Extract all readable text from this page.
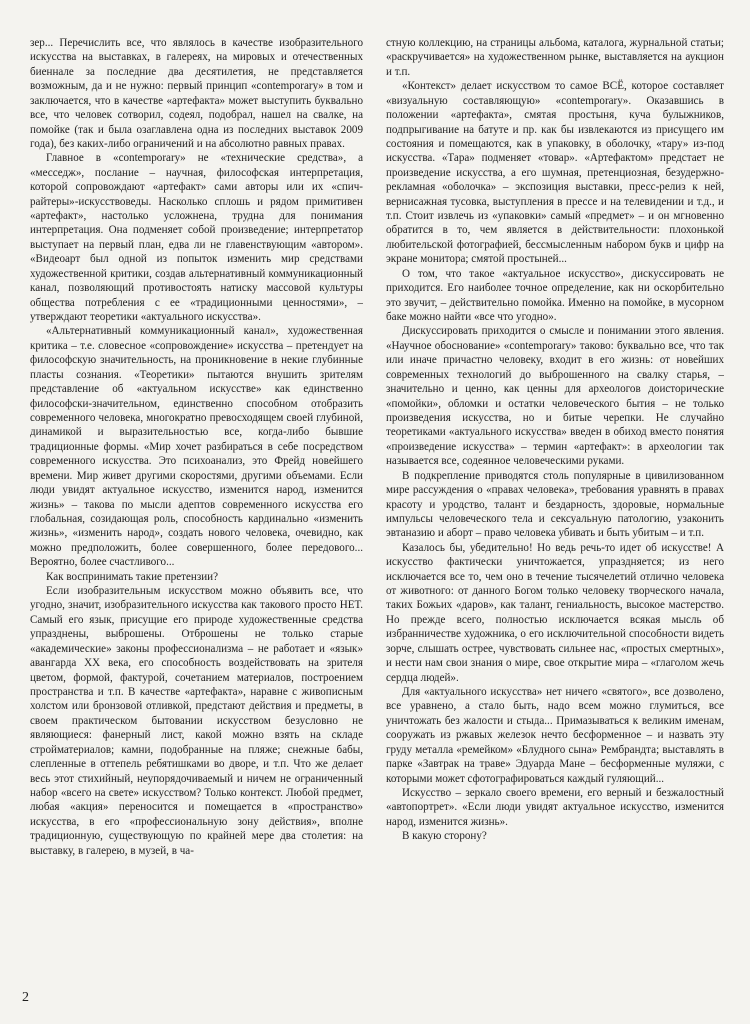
зер... Перечислить все, что являлось в качестве изобразительного искусства на выставках, в галереях, на мировых и отечественных биеннале за последние два десятилетия, не представляется возможным, да и не нужно: первый принцип «contemporary» в том и заключается, что в качестве «артефакта» может выступить буквально все, что человек сотворил, содеял, подобрал, нашел на свалке, на помойке (так и была озаглавлена одна из последних выставок 2009 года), без каких-либо ограничений и на абсолютно равных правах.

Главное в «contemporary» не «технические средства», а «месседж», послание – научная, философская интерпретация, которой сопровождают «артефакт» сами авторы или их «спич-райтеры»-искусствоведы. Насколько сплошь и рядом примитивен «артефакт», настолько усложнена, трудна для понимания интерпретация. Она подменяет собой произведение; интерпретатор выступает на первый план, едва ли не главенствующим «автором». «Видеоарт был одной из попыток изменить мир средствами художественной критики, создав альтернативный коммуникационный канал, позволяющий противостоять натиску массовой культуры общества потребления с ее «традиционными ценностями», – утверждают теоретики «актуального искусства».

«Альтернативный коммуникационный канал», художественная критика – т.е. словесное «сопровождение» искусства – претендует на философскую значительность, на проникновение в некие глубинные пласты сознания. «Теоретики» пытаются внушить зрителям представление об «актуальном искусстве» как единственно философски-значительном, единственно способном отобразить современного человека, многократно превосходящем своей глубиной, динамикой и выразительностью все, когда-либо бывшие традиционные формы. «Мир хочет разбираться в себе посредством современного искусства. Это психоанализ, это Фрейд новейшего времени. Мир живет другими скоростями, другими объемами. Если люди увидят актуальное искусство, изменится народ, изменится жизнь» – такова по мысли адептов современного искусства его глобальная, созидающая роль, способность кардинально «изменить жизнь», «изменить народ», создать нового человека, очевидно, как можно предположить, более совершенного, более передового... Вероятно, более счастливого...

Как воспринимать такие претензии?

Если изобразительным искусством можно объявить все, что угодно, значит, изобразительного искусства как такового просто НЕТ. Самый его язык, присущие его природе художественные средства упразднены, выброшены. Отброшены не только старые «академические» законы профессионализма – не работает и «язык» авангарда ХХ века, его способность воздействовать на зрителя цветом, формой, фактурой, сочетанием материалов, построением пространства и т.п. В качестве «артефакта», наравне с живописным холстом или бронзовой отливкой, предстают действия и предметы, в своем практическом бытовании искусством безусловно не являющиеся: фанерный лист, какой можно взять на складе стройматериалов; камни, подобранные на пляже; снежные бабы, слепленные в оттепель ребятишками во дворе, и т.п. Что же делает весь этот стихийный, неупорядочиваемый и ничем не ограниченный набор «всего на свете» искусством? Только контекст. Любой предмет, любая «акция» переносится и помещается в «пространство» искусства, в его «профессиональную зону действия», вполне традиционную, существующую по крайней мере два столетия: на выставку, в галерею, в музей, в ча-

стную коллекцию, на страницы альбома, каталога, журнальной статьи; «раскручивается» на художественном рынке, выставляется на аукцион и т.п.

«Контекст» делает искусством то самое ВСЁ, которое составляет «визуальную составляющую» «contemporary». Оказавшись в положении «артефакта», смятая простыня, куча булыжников, подпрыгивание на батуте и пр. как бы извлекаются из присущего им состояния и помещаются, как в упаковку, в оболочку, «тару» из-под искусства. «Тара» подменяет «товар». «Артефактом» предстает не произведение искусства, а его шумная, претенциозная, безудержно-рекламная «оболочка» – экспозиция выставки, пресс-релиз к ней, вернисажная тусовка, выступления в прессе и на телевидении и т.д., и т.п. Стоит извлечь из «упаковки» самый «предмет» – и он мгновенно обратится в то, чем является в действительности: плохонькой любительской фотографией, бессмысленным набором букв и цифр на экране монитора; смятой простыней...

О том, что такое «актуальное искусство», дискуссировать не приходится. Его наиболее точное определение, как ни оскорбительно это звучит, – действительно помойка. Именно на помойке, в мусорном баке можно найти «все что угодно».

Дискуссировать приходится о смысле и понимании этого явления. «Научное обоснование» «contemporary» таково: буквально все, что так или иначе причастно человеку, входит в его жизнь: от новейших современных технологий до выброшенного на свалку старья, – значительно и ценно, как ценны для археологов доисторические «помойки», обломки и остатки человеческого бытия – не только произведения искусства, но и битые черепки. Не случайно теоретиками «актуального искусства» введен в обиход вместо понятия «произведение искусства» – термин «артефакт»: в археологии так называется все, содеянное человеческими руками.

В подкрепление приводятся столь популярные в цивилизованном мире рассуждения о «правах человека», требования уравнять в правах красоту и уродство, талант и бездарность, здоровые, нормальные импульсы человеческого тела и сексуальную патологию, узаконить эвтаназию и аборт – право человека убивать и быть убитым – и т.п.

Казалось бы, убедительно! Но ведь речь-то идет об искусстве! А искусство фактически уничтожается, упраздняется; из него исключается все то, чем оно в течение тысячелетий отлично человека от животного: от данного Богом только человеку творческого начала, таких Божьих «даров», как талант, гениальность, высокое мастерство. Но прежде всего, полностью исключается всякая мысль об избранничестве художника, о его исключительной способности видеть зорче, слышать острее, чувствовать сильнее нас, «простых смертных», и нести нам свои знания о мире, свое открытие мира – «глаголом жечь сердца людей».

Для «актуального искусства» нет ничего «святого», все дозволено, все уравнено, а стало быть, надо всем можно глумиться, все уничтожать без жалости и стыда... Примазываться к великим именам, сооружать из ржавых железок нечто бесформенное – и назвать эту груду металла «ремейком» «Блудного сына» Рембрандта; выставлять в парке «Завтрак на траве» Эдуарда Мане – бесформенные муляжи, с которыми может сфотографироваться каждый гуляющий...

Искусство – зеркало своего времени, его верный и безжалостный «автопортрет». «Если люди увидят актуальное искусство, изменится народ, изменится жизнь».

В какую сторону?

2
